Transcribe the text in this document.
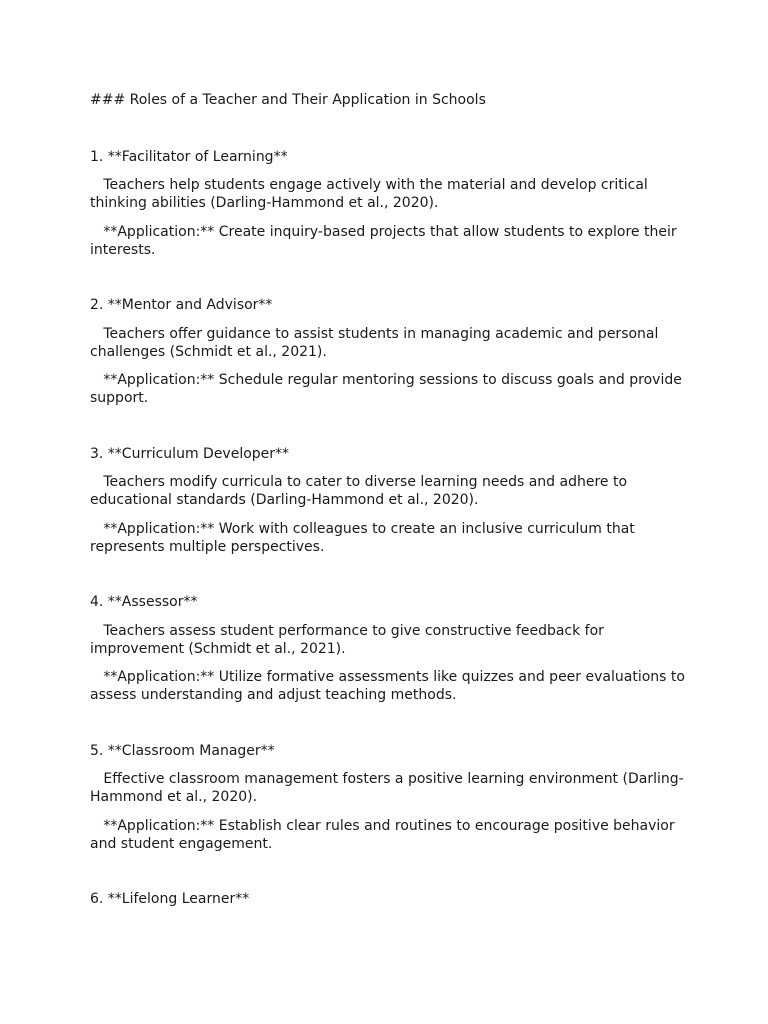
### Roles of a Teacher and Their Application in Schools

1. **Facilitator of Learning**

Teachers help students engage actively with the material and develop critical thinking abilities (Darling-Hammond et al., 2020).

**Application:** Create inquiry-based projects that allow students to explore their interests.

2. **Mentor and Advisor**

Teachers offer guidance to assist students in managing academic and personal challenges (Schmidt et al., 2021).

**Application:** Schedule regular mentoring sessions to discuss goals and provide support.

3. **Curriculum Developer**

Teachers modify curricula to cater to diverse learning needs and adhere to educational standards (Darling-Hammond et al., 2020).

**Application:** Work with colleagues to create an inclusive curriculum that represents multiple perspectives.

4. **Assessor**

Teachers assess student performance to give constructive feedback for improvement (Schmidt et al., 2021).

**Application:** Utilize formative assessments like quizzes and peer evaluations to assess understanding and adjust teaching methods.

5. **Classroom Manager**

Effective classroom management fosters a positive learning environment (Darling-Hammond et al., 2020).

**Application:** Establish clear rules and routines to encourage positive behavior and student engagement.

6. **Lifelong Learner**
